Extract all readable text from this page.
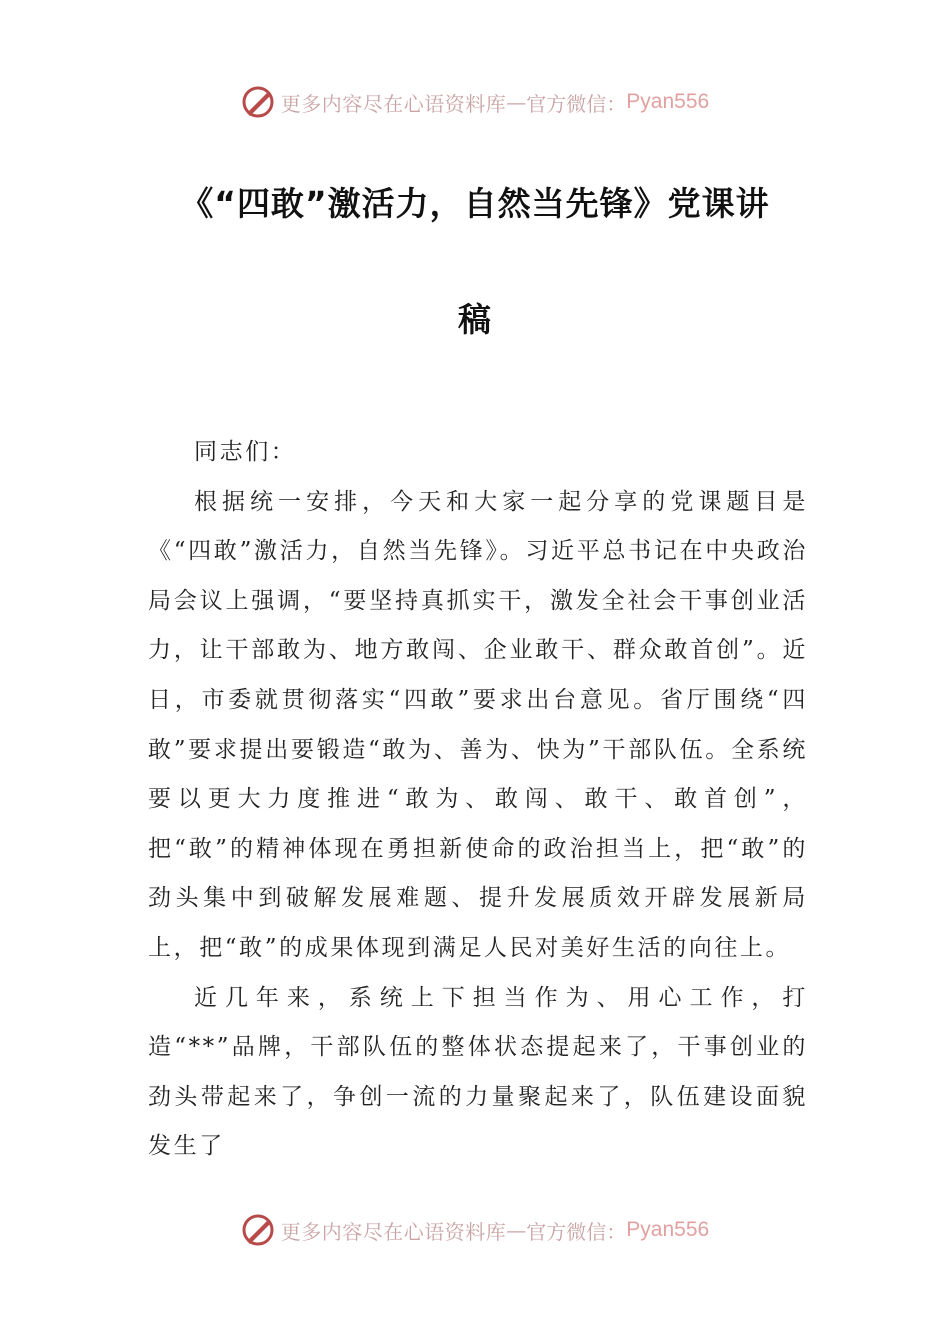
更多内容尽在心语资料库 — 官方微信： Pyan556
《“四敢”激活力，自然当先锋》党课讲
稿

同志们：

根据统一安排，今天和大家一起分享的党课题目是《“四敢”激活力，自然当先锋》。习近平总书记在中央政治局会议上强调，“要坚持真抓实干，激发全社会干事创业活力，让干部敢为、地方敢闯、企业敢干、群众敢首创”。近日，市委就贯彻落实“四敢”要求出台意见。省厅围绕“四敢”要求提出要锻造“敢为、善为、快为”干部队伍。全系统要以更大力度推进“敢为、敢闯、敢干、敢首创”，把“敢”的精神体现在勇担新使命的政治担当上，把“敢”的劲头集中到破解发展难题、提升发展质效开辟发展新局上，把“敢”的成果体现到满足人民对美好生活的向往上。

近几年来，系统上下担当作为、用心工作，打造“**”品牌，干部队伍的整体状态提起来了，干事创业的劲头带起来了，争创一流的力量聚起来了，队伍建设面貌发生了

更多内容尽在心语资料库 — 官方微信： Pyan556
